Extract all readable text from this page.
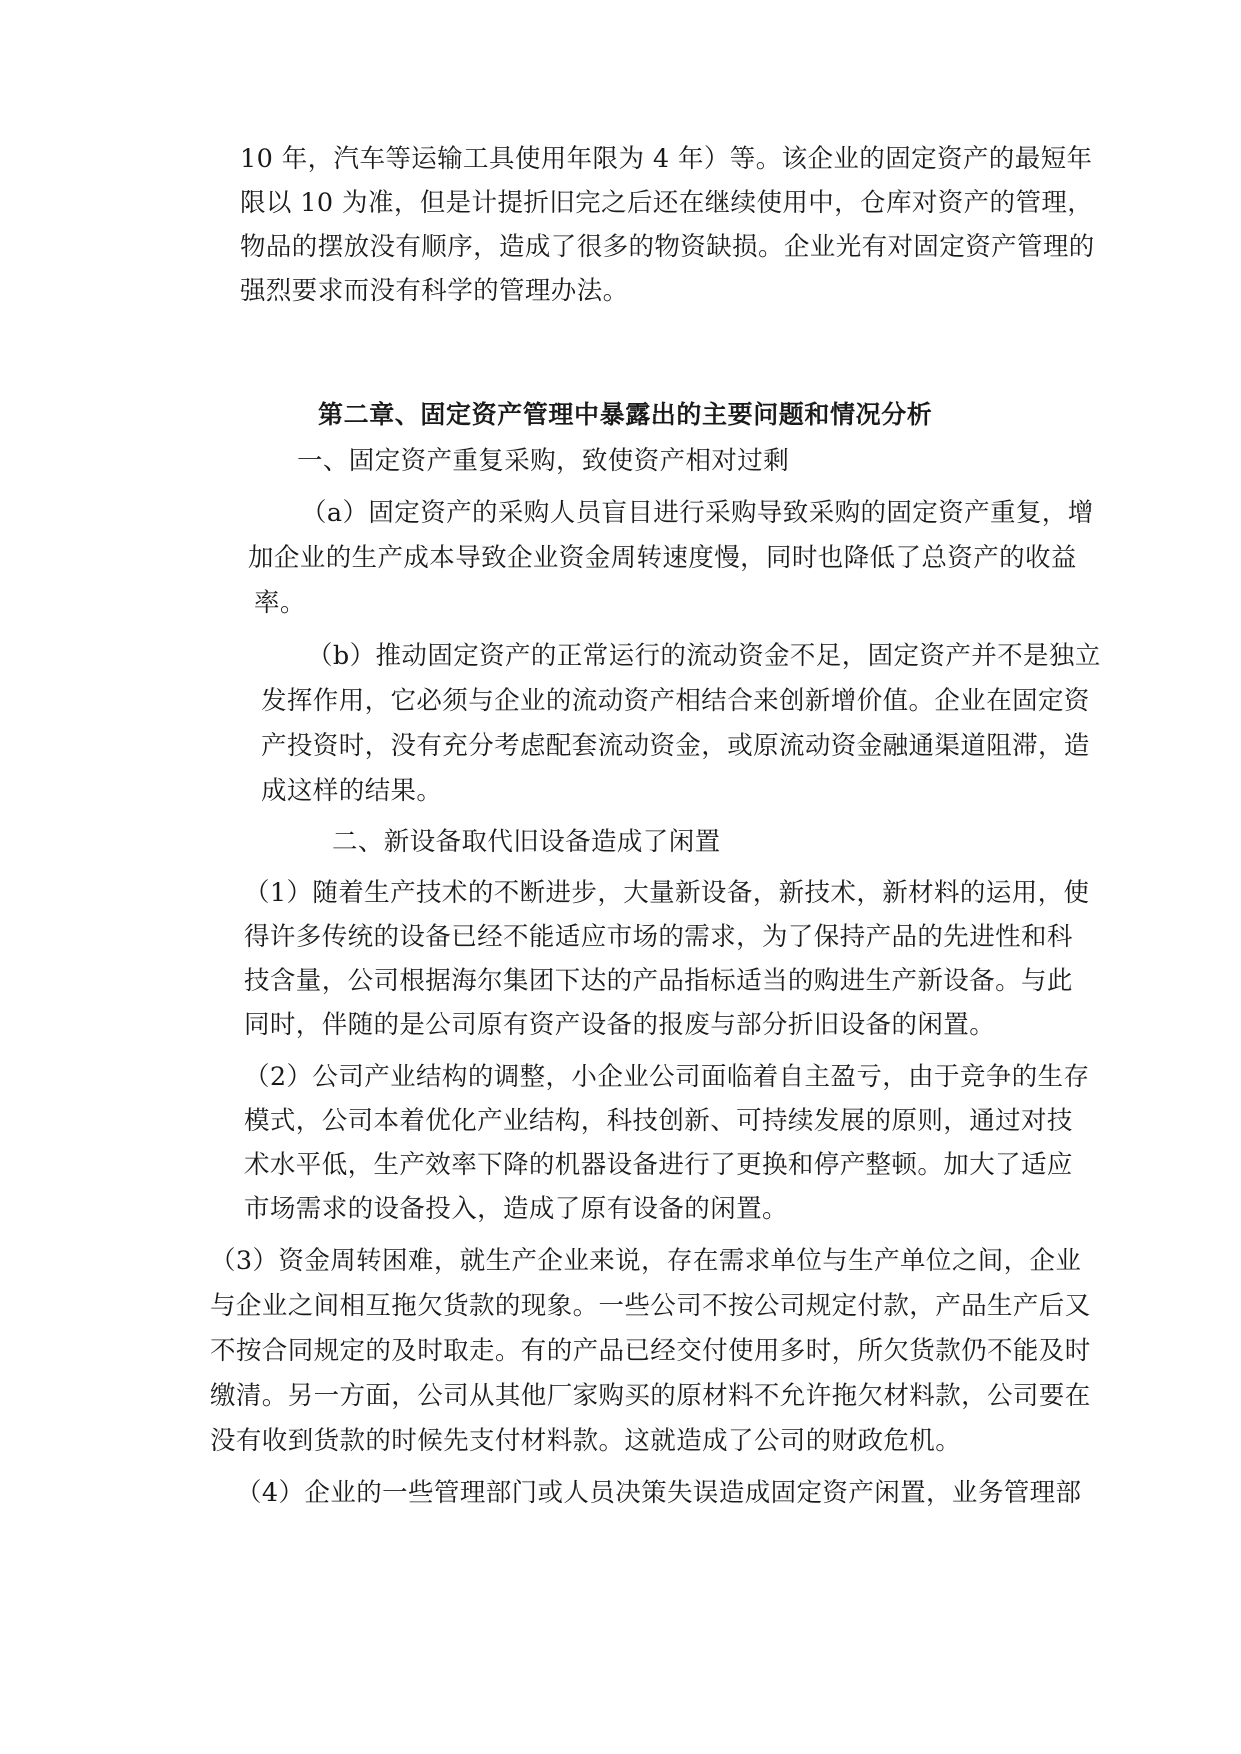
10 年，汽车等运输工具使用年限为 4 年）等。该企业的固定资产的最短年
限以 10 为准，但是计提折旧完之后还在继续使用中，仓库对资产的管理，
物品的摆放没有顺序，造成了很多的物资缺损。企业光有对固定资产管理的
强烈要求而没有科学的管理办法。
第二章、固定资产管理中暴露出的主要问题和情况分析
一、固定资产重复采购，致使资产相对过剩
（a）固定资产的采购人员盲目进行采购导致采购的固定资产重复，增
加企业的生产成本导致企业资金周转速度慢，同时也降低了总资产的收益
率。
（b）推动固定资产的正常运行的流动资金不足，固定资产并不是独立
发挥作用，它必须与企业的流动资产相结合来创新增价值。企业在固定资
产投资时，没有充分考虑配套流动资金，或原流动资金融通渠道阻滞，造
成这样的结果。
二、新设备取代旧设备造成了闲置
（1）随着生产技术的不断进步，大量新设备，新技术，新材料的运用，使
得许多传统的设备已经不能适应市场的需求，为了保持产品的先进性和科
技含量，公司根据海尔集团下达的产品指标适当的购进生产新设备。与此
同时，伴随的是公司原有资产设备的报废与部分折旧设备的闲置。
（2）公司产业结构的调整，小企业公司面临着自主盈亏，由于竞争的生存
模式，公司本着优化产业结构，科技创新、可持续发展的原则，通过对技
术水平低，生产效率下降的机器设备进行了更换和停产整顿。加大了适应
市场需求的设备投入，造成了原有设备的闲置。
（3）资金周转困难，就生产企业来说，存在需求单位与生产单位之间，企业
与企业之间相互拖欠货款的现象。一些公司不按公司规定付款，产品生产后又
不按合同规定的及时取走。有的产品已经交付使用多时，所欠货款仍不能及时
缴清。另一方面，公司从其他厂家购买的原材料不允许拖欠材料款，公司要在
没有收到货款的时候先支付材料款。这就造成了公司的财政危机。
（4）企业的一些管理部门或人员决策失误造成固定资产闲置，业务管理部
